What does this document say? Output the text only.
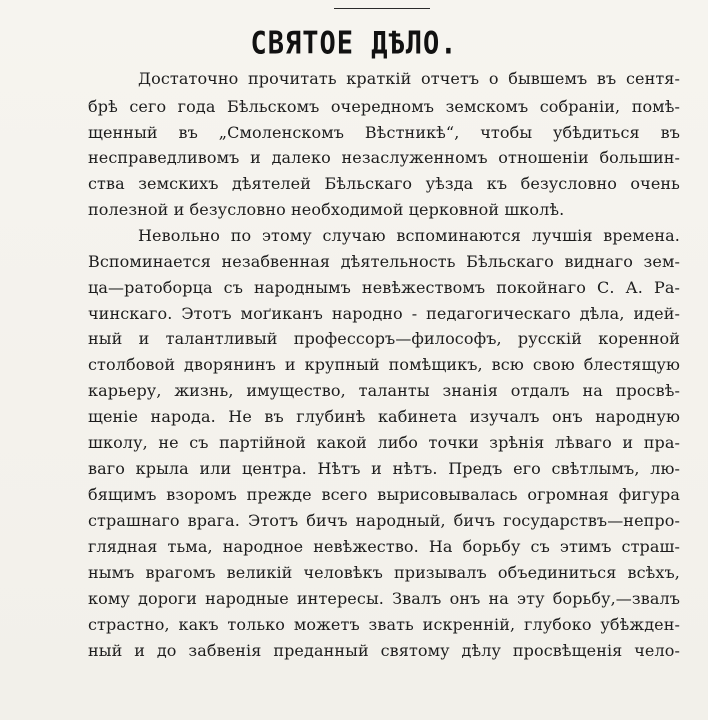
СВЯТОЕ ДѢЛО.

Достаточно прочитать краткій отчетъ о бывшемъ въ сентя-

брѣ сего года Бѣльскомъ очередномъ земскомъ собраніи, помѣ-

щенный въ „Смоленскомъ Вѣстникѣ“, чтобы убѣдиться въ

несправедливомъ и далеко незаслуженномъ отношеніи большин-

ства земскихъ дѣятелей Бѣльскаго уѣзда къ безусловно очень

полезной и безусловно необходимой церковной школѣ.

Невольно по этому случаю вспоминаются лучшія времена.

Вспоминается незабвенная дѣятельность Бѣльскаго виднаго зем-

ца—ратоборца съ народнымъ невѣжествомъ покойнаго С. А. Ра-

чинскаго. Этотъ моґиканъ народно - педагогическаго дѣла, идей-

ный и талантливый профессоръ—философъ, русскій коренной

столбовой дворянинъ и крупный помѣщикъ, всю свою блестящую

карьеру, жизнь, имущество, таланты знанія отдалъ на просвѣ-

щеніе народа. Не въ глубинѣ кабинета изучалъ онъ народную

школу, не съ партійной какой либо точки зрѣнія лѣваго и пра-

ваго крыла или центра. Нѣтъ и нѣтъ. Предъ его свѣтлымъ, лю-

бящимъ взоромъ прежде всего вырисовывалась огромная фигура

страшнаго врага. Этотъ бичъ народный, бичъ государствъ—непро-

глядная тьма, народное невѣжество. На борьбу съ этимъ страш-

нымъ врагомъ великій человѣкъ призывалъ объединиться всѣхъ,

кому дороги народные интересы. Звалъ онъ на эту борьбу,—звалъ

страстно, какъ только можетъ звать искренній, глубоко убѣжден-

ный и до забвенія преданный святому дѣлу просвѣщенія чело-
